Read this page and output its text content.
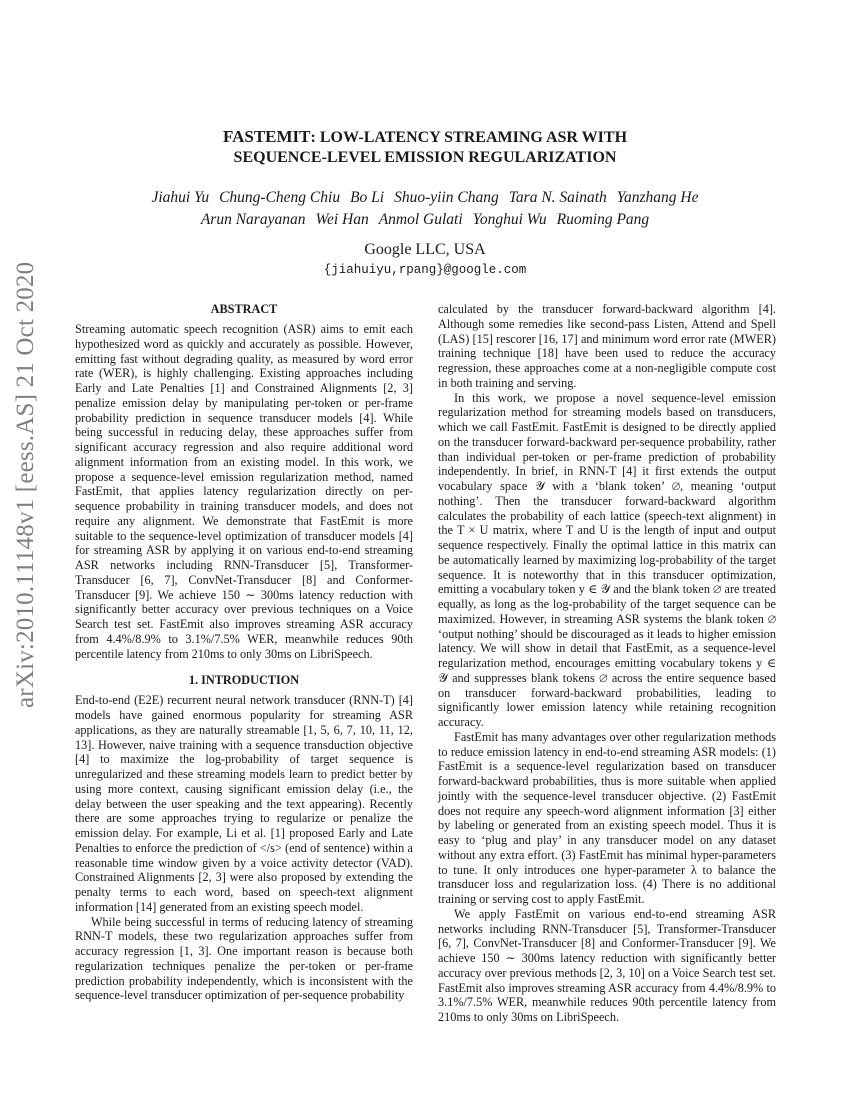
arXiv:2010.11148v1 [eess.AS] 21 Oct 2020
FASTEMIT: LOW-LATENCY STREAMING ASR WITH
SEQUENCE-LEVEL EMISSION REGULARIZATION
Jiahui Yu Chung-Cheng Chiu Bo Li Shuo-yiin Chang Tara N. Sainath Yanzhang He
Arun Narayanan Wei Han Anmol Gulati Yonghui Wu Ruoming Pang
Google LLC, USA
{jiahuiyu,rpang}@google.com
ABSTRACT

Streaming automatic speech recognition (ASR) aims to emit each hypothesized word as quickly and accurately as possible. However, emitting fast without degrading quality, as measured by word error rate (WER), is highly challenging. Existing approaches including Early and Late Penalties [1] and Constrained Alignments [2, 3] penalize emission delay by manipulating per-token or per-frame probability prediction in sequence transducer models [4]. While being successful in reducing delay, these approaches suffer from significant accuracy regression and also require additional word alignment information from an existing model. In this work, we propose a sequence-level emission regularization method, named FastEmit, that applies latency regularization directly on per-sequence probability in training transducer models, and does not require any alignment. We demonstrate that FastEmit is more suitable to the sequence-level optimization of transducer models [4] for streaming ASR by applying it on various end-to-end streaming ASR networks including RNN-Transducer [5], Transformer-Transducer [6, 7], ConvNet-Transducer [8] and Conformer-Transducer [9]. We achieve 150 ∼ 300ms latency reduction with significantly better accuracy over previous techniques on a Voice Search test set. FastEmit also improves streaming ASR accuracy from 4.4%/8.9% to 3.1%/7.5% WER, meanwhile reduces 90th percentile latency from 210ms to only 30ms on LibriSpeech.

1. INTRODUCTION

End-to-end (E2E) recurrent neural network transducer (RNN-T) [4] models have gained enormous popularity for streaming ASR applications, as they are naturally streamable [1, 5, 6, 7, 10, 11, 12, 13]. However, naive training with a sequence transduction objective [4] to maximize the log-probability of target sequence is unregularized and these streaming models learn to predict better by using more context, causing significant emission delay (i.e., the delay between the user speaking and the text appearing). Recently there are some approaches trying to regularize or penalize the emission delay. For example, Li et al. [1] proposed Early and Late Penalties to enforce the prediction of </s> (end of sentence) within a reasonable time window given by a voice activity detector (VAD). Constrained Alignments [2, 3] were also proposed by extending the penalty terms to each word, based on speech-text alignment information [14] generated from an existing speech model.

While being successful in terms of reducing latency of streaming RNN-T models, these two regularization approaches suffer from accuracy regression [1, 3]. One important reason is because both regularization techniques penalize the per-token or per-frame prediction probability independently, which is inconsistent with the sequence-level transducer optimization of per-sequence probability

calculated by the transducer forward-backward algorithm [4]. Although some remedies like second-pass Listen, Attend and Spell (LAS) [15] rescorer [16, 17] and minimum word error rate (MWER) training technique [18] have been used to reduce the accuracy regression, these approaches come at a non-negligible compute cost in both training and serving.

In this work, we propose a novel sequence-level emission regularization method for streaming models based on transducers, which we call FastEmit. FastEmit is designed to be directly applied on the transducer forward-backward per-sequence probability, rather than individual per-token or per-frame prediction of probability independently. In brief, in RNN-T [4] it first extends the output vocabulary space 𝒴 with a ‘blank token’ ∅, meaning ‘output nothing’. Then the transducer forward-backward algorithm calculates the probability of each lattice (speech-text alignment) in the T × U matrix, where T and U is the length of input and output sequence respectively. Finally the optimal lattice in this matrix can be automatically learned by maximizing log-probability of the target sequence. It is noteworthy that in this transducer optimization, emitting a vocabulary token y ∈ 𝒴 and the blank token ∅ are treated equally, as long as the log-probability of the target sequence can be maximized. However, in streaming ASR systems the blank token ∅ ‘output nothing’ should be discouraged as it leads to higher emission latency. We will show in detail that FastEmit, as a sequence-level regularization method, encourages emitting vocabulary tokens y ∈ 𝒴 and suppresses blank tokens ∅ across the entire sequence based on transducer forward-backward probabilities, leading to significantly lower emission latency while retaining recognition accuracy.

FastEmit has many advantages over other regularization methods to reduce emission latency in end-to-end streaming ASR models: (1) FastEmit is a sequence-level regularization based on transducer forward-backward probabilities, thus is more suitable when applied jointly with the sequence-level transducer objective. (2) FastEmit does not require any speech-word alignment information [3] either by labeling or generated from an existing speech model. Thus it is easy to ‘plug and play’ in any transducer model on any dataset without any extra effort. (3) FastEmit has minimal hyper-parameters to tune. It only introduces one hyper-parameter λ to balance the transducer loss and regularization loss. (4) There is no additional training or serving cost to apply FastEmit.

We apply FastEmit on various end-to-end streaming ASR networks including RNN-Transducer [5], Transformer-Transducer [6, 7], ConvNet-Transducer [8] and Conformer-Transducer [9]. We achieve 150 ∼ 300ms latency reduction with significantly better accuracy over previous methods [2, 3, 10] on a Voice Search test set. FastEmit also improves streaming ASR accuracy from 4.4%/8.9% to 3.1%/7.5% WER, meanwhile reduces 90th percentile latency from 210ms to only 30ms on LibriSpeech.
